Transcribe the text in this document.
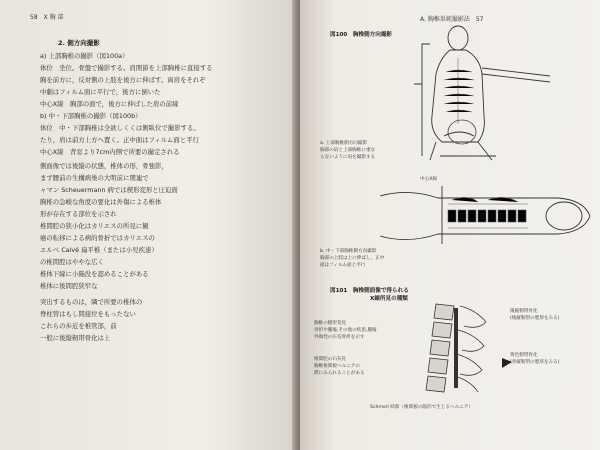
58　X 胸 部
2. 側方向撮影
a) 上部胸椎の撮影（図100a）
体位　坐位。骨盤で撮影する。肩関節を上部胸椎に直接する
胸を前方に，反対側の上肢を後方に伸ばす。両肩をそれぞ
中劇はフィルム面に平行で，後方に倒いた
中心X線　胸部の面で，後方に伸ばした肩の前縁
b) 中・下部胸椎の撮影（図100b）
体位　中・下部胸椎は全欲しくくは側臥位で撮影する。
たり，肩は前方上方へ置く。正中面はフィルム面と平行
中心X線　背窓より7cm内側で所要の撮定される
側面像では後縦の状態，椎体の形，骨強影，
まず腰前の生構病巣の大明前に関連で
ャマン Scheuermann 病では楔形変形と圧迫面
胸椎の急峻な角度の要化は外傷による椎体
形が存在する部位を示され
椎間腔の狭小化はカリエスの所見に観
癌の転移による病的骨折ではカリエスの
エルベ Calvé 扁平椎（または小児疾患）
の椎間腔はややな広く
椎体下縁に小陥没を認めることがある
椎体に後間腔狭窄な
突出するものは，隣で所要の椎体の
脊柱管はもし間接位をもったない
これらの歩近を椎管部，前
一般に後縦靭帯骨化は上
A. 胸椎単純撮影法　57
図100　胸椎側方向撮影
a. 上部胸椎側方向撮影
胸部の肩と上部胸椎に重な
らないように肩を撮影する
中心X線
b. 中・下部胸椎側方向撮影
胸部の上肢は上に伸ばし，正中
面はフィルム面と平行
図101　胸椎側面像で得られる
X線所見の種類
胸椎の楔形変化
骨折や腫瘍,その他の疾患,腫瘍
外傷性の圧迫骨折を示す
椎間腔の石灰化
胸椎椎間板ヘルニアの
際にみられることがある
後縦靭帯骨化
(後縦靭帯の肥厚をみる)
黄色靭帯骨化
(骨縦靭帯の肥厚をみる)
Schmorl 結節（椎間板の陥凹で生じるヘルニア）
